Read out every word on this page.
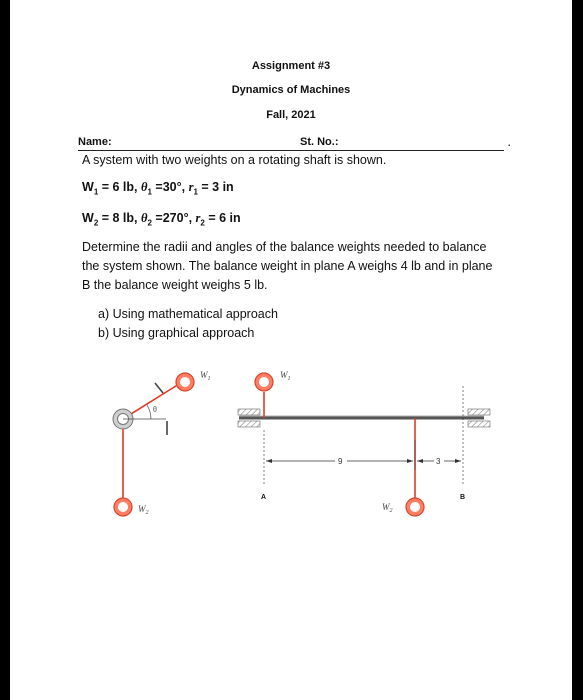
Assignment #3
Dynamics of Machines
Fall, 2021
Name:	St. No.:	.
A system with two weights on a rotating shaft is shown.
$W_1 = 6$ lb, $\theta_1 =30^\circ$, $r_1 = 3$ in
$W_2 = 8$ lb, $\theta_2 =270^\circ$, $r_2 = 6$ in
Determine the radii and angles of the balance weights needed to balance
the system shown. The balance weight in plane A weighs 4 lb and in plane
B the balance weight weighs 5 lb.
a) Using mathematical approach
b) Using graphical approach
θ
$W_1$
$W_2$
$W_1$
$W_2$
9	3
A	B
